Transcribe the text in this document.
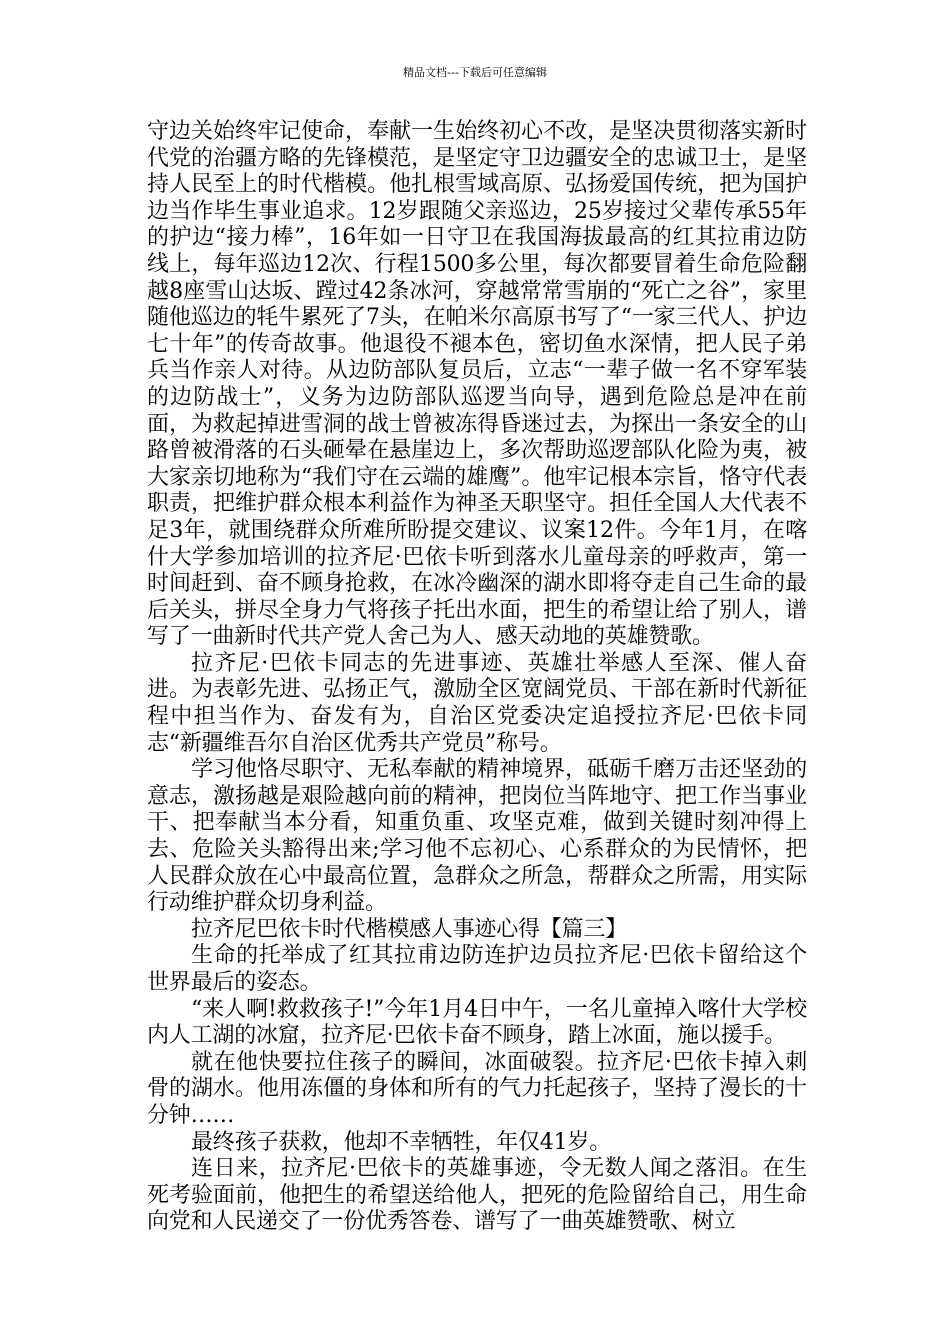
精品文档---下载后可任意编辑

守边关始终牢记使命，奉献一生始终初心不改，是坚决贯彻落实新时代党的治疆方略的先锋模范，是坚定守卫边疆安全的忠诚卫士，是坚持人民至上的时代楷模。他扎根雪域高原、弘扬爱国传统，把为国护边当作毕生事业追求。12岁跟随父亲巡边，25岁接过父辈传承55年的护边“接力棒”，16年如一日守卫在我国海拔最高的红其拉甫边防线上，每年巡边12次、行程1500多公里，每次都要冒着生命危险翻越8座雪山达坂、蹚过42条冰河，穿越常常雪崩的“死亡之谷”，家里随他巡边的牦牛累死了7头，在帕米尔高原书写了“一家三代人、护边七十年”的传奇故事。他退役不褪本色，密切鱼水深情，把人民子弟兵当作亲人对待。从边防部队复员后，立志“一辈子做一名不穿军装的边防战士”，义务为边防部队巡逻当向导，遇到危险总是冲在前面，为救起掉进雪洞的战士曾被冻得昏迷过去，为探出一条安全的山路曾被滑落的石头砸晕在悬崖边上，多次帮助巡逻部队化险为夷，被大家亲切地称为“我们守在云端的雄鹰”。他牢记根本宗旨，恪守代表职责，把维护群众根本利益作为神圣天职坚守。担任全国人大代表不足3年，就围绕群众所难所盼提交建议、议案12件。今年1月，在喀什大学参加培训的拉齐尼·巴依卡听到落水儿童母亲的呼救声，第一时间赶到、奋不顾身抢救，在冰冷幽深的湖水即将夺走自己生命的最后关头，拼尽全身力气将孩子托出水面，把生的希望让给了别人，谱写了一曲新时代共产党人舍己为人、感天动地的英雄赞歌。

拉齐尼·巴依卡同志的先进事迹、英雄壮举感人至深、催人奋进。为表彰先进、弘扬正气，激励全区宽阔党员、干部在新时代新征程中担当作为、奋发有为，自治区党委决定追授拉齐尼·巴依卡同志“新疆维吾尔自治区优秀共产党员”称号。

学习他恪尽职守、无私奉献的精神境界，砥砺千磨万击还坚劲的意志，激扬越是艰险越向前的精神，把岗位当阵地守、把工作当事业干、把奉献当本分看，知重负重、攻坚克难，做到关键时刻冲得上去、危险关头豁得出来;学习他不忘初心、心系群众的为民情怀，把人民群众放在心中最高位置，急群众之所急，帮群众之所需，用实际行动维护群众切身利益。

拉齐尼巴依卡时代楷模感人事迹心得【篇三】

生命的托举成了红其拉甫边防连护边员拉齐尼·巴依卡留给这个世界最后的姿态。

“来人啊!救救孩子!”今年1月4日中午，一名儿童掉入喀什大学校内人工湖的冰窟，拉齐尼·巴依卡奋不顾身，踏上冰面，施以援手。

就在他快要拉住孩子的瞬间，冰面破裂。拉齐尼·巴依卡掉入刺骨的湖水。他用冻僵的身体和所有的气力托起孩子，坚持了漫长的十分钟……

最终孩子获救，他却不幸牺牲，年仅41岁。

连日来，拉齐尼·巴依卡的英雄事迹，令无数人闻之落泪。在生死考验面前，他把生的希望送给他人，把死的危险留给自己，用生命向党和人民递交了一份优秀答卷、谱写了一曲英雄赞歌、树立
